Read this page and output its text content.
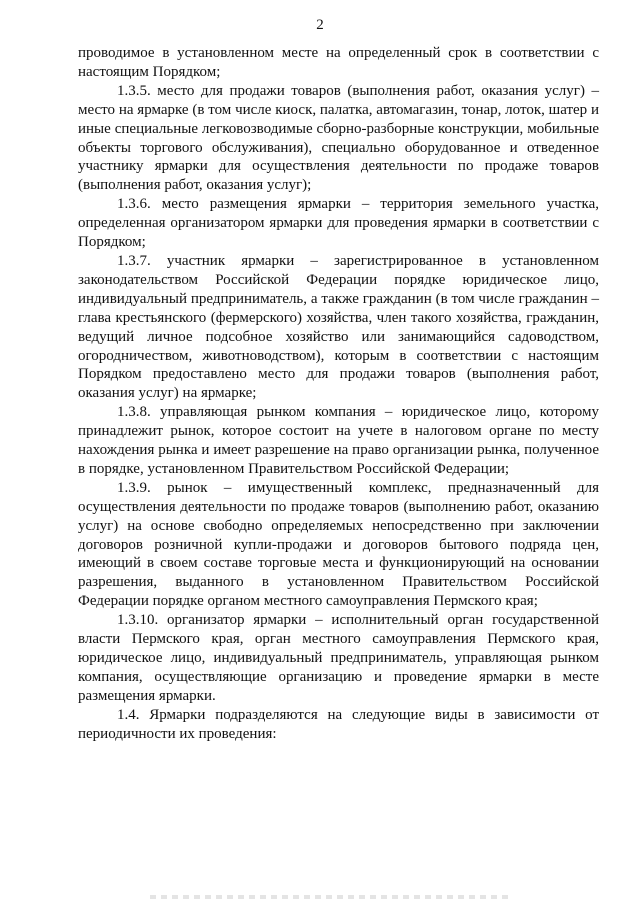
2

проводимое в установленном месте на определенный срок в соответствии с настоящим Порядком;

1.3.5. место для продажи товаров (выполнения работ, оказания услуг) – место на ярмарке (в том числе киоск, палатка, автомагазин, тонар, лоток, шатер и иные специальные легковозводимые сборно-разборные конструкции, мобильные объекты торгового обслуживания), специально оборудованное и отведенное участнику ярмарки для осуществления деятельности по продаже товаров (выполнения работ, оказания услуг);

1.3.6. место размещения ярмарки – территория земельного участка, определенная организатором ярмарки для проведения ярмарки в соответствии с Порядком;

1.3.7. участник ярмарки – зарегистрированное в установленном законодательством Российской Федерации порядке юридическое лицо, индивидуальный предприниматель, а также гражданин (в том числе гражданин – глава крестьянского (фермерского) хозяйства, член такого хозяйства, гражданин, ведущий личное подсобное хозяйство или занимающийся садоводством, огородничеством, животноводством), которым в соответствии с настоящим Порядком предоставлено место для продажи товаров (выполнения работ, оказания услуг) на ярмарке;

1.3.8. управляющая рынком компания – юридическое лицо, которому принадлежит рынок, которое состоит на учете в налоговом органе по месту нахождения рынка и имеет разрешение на право организации рынка, полученное в порядке, установленном Правительством Российской Федерации;

1.3.9. рынок – имущественный комплекс, предназначенный для осуществления деятельности по продаже товаров (выполнению работ, оказанию услуг) на основе свободно определяемых непосредственно при заключении договоров розничной купли-продажи и договоров бытового подряда цен, имеющий в своем составе торговые места и функционирующий на основании разрешения, выданного в установленном Правительством Российской Федерации порядке органом местного самоуправления Пермского края;

1.3.10. организатор ярмарки – исполнительный орган государственной власти Пермского края, орган местного самоуправления Пермского края, юридическое лицо, индивидуальный предприниматель, управляющая рынком компания, осуществляющие организацию и проведение ярмарки в месте размещения ярмарки.

1.4. Ярмарки подразделяются на следующие виды в зависимости от периодичности их проведения:
